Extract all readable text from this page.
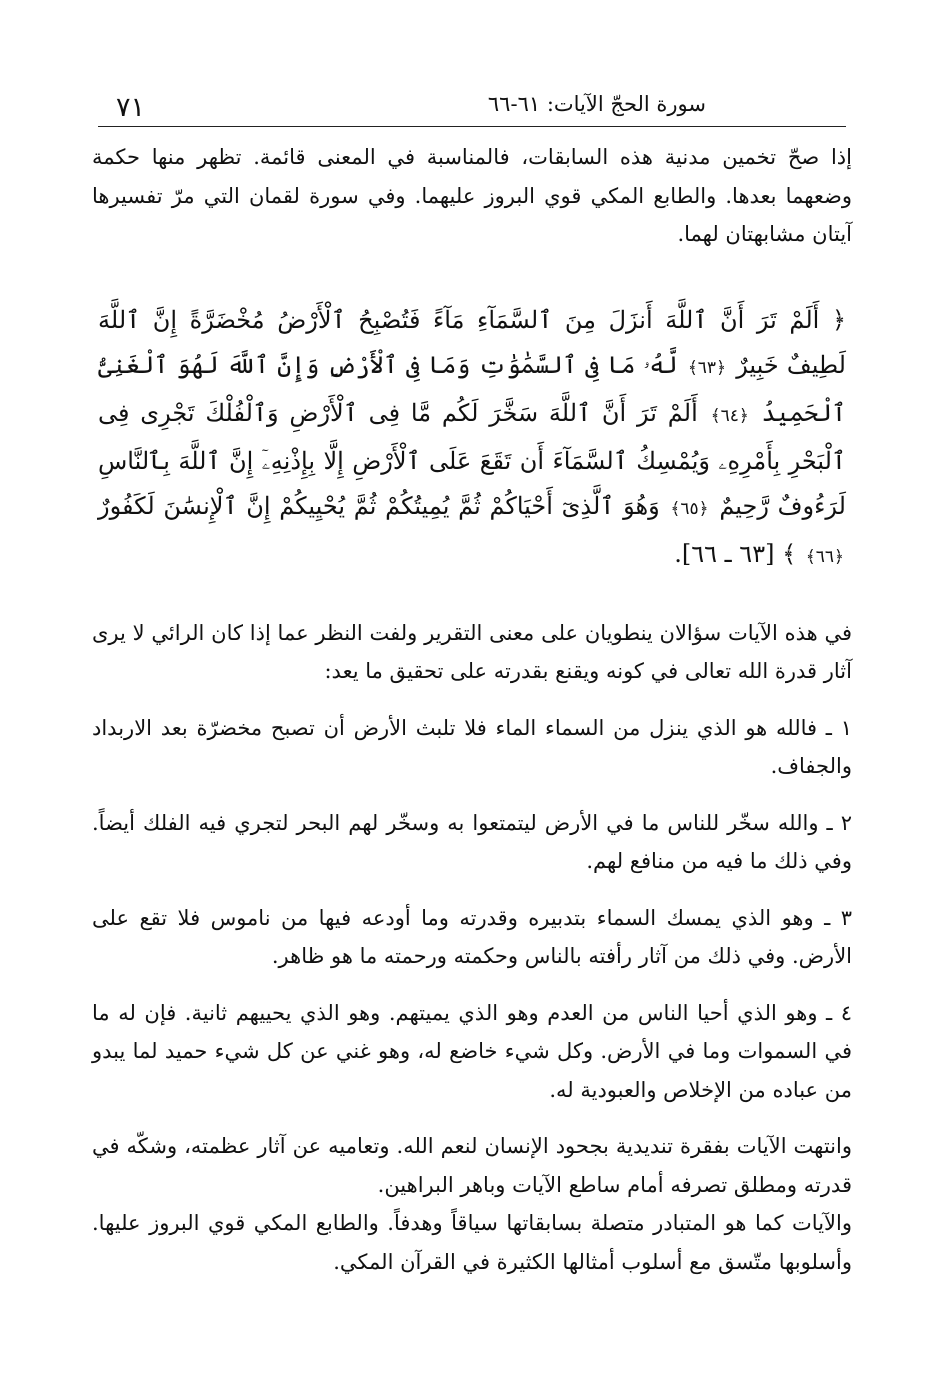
٧١	سورة الحجّ الآيات: ٦١-٦٦

إذا صحّ تخمين مدنية هذه السابقات، فالمناسبة في المعنى قائمة. تظهر منها حكمة وضعهما بعدها. والطابع المكي قوي البروز عليهما. وفي سورة لقمان التي مرّ تفسيرها آيتان مشابهتان لهما.

﴿ أَلَمْ تَرَ أَنَّ ٱللَّهَ أَنزَلَ مِنَ ٱلسَّمَآءِ مَآءً فَتُصْبِحُ ٱلْأَرْضُ مُخْضَرَّةً إِنَّ ٱللَّهَ لَطِيفٌ خَبِيرٌ ﴿٦٣﴾ لَّهُۥ مَا فِى ٱلسَّمَٰوَٰتِ وَمَا فِى ٱلْأَرْضِ وَإِنَّ ٱللَّهَ لَهُوَ ٱلْغَنِىُّ ٱلْحَمِيدُ ﴿٦٤﴾ أَلَمْ تَرَ أَنَّ ٱللَّهَ سَخَّرَ لَكُم مَّا فِى ٱلْأَرْضِ وَٱلْفُلْكَ تَجْرِى فِى ٱلْبَحْرِ بِأَمْرِهِۦ وَيُمْسِكُ ٱلسَّمَآءَ أَن تَقَعَ عَلَى ٱلْأَرْضِ إِلَّا بِإِذْنِهِۦٓ إِنَّ ٱللَّهَ بِٱلنَّاسِ لَرَءُوفٌ رَّحِيمٌ ﴿٦٥﴾ وَهُوَ ٱلَّذِىٓ أَحْيَاكُمْ ثُمَّ يُمِيتُكُمْ ثُمَّ يُحْيِيكُمْ إِنَّ ٱلْإِنسَٰنَ لَكَفُورٌ ﴿٦٦﴾ ﴾ [٦٣ ـ ٦٦].

في هذه الآيات سؤالان ينطويان على معنى التقرير ولفت النظر عما إذا كان الرائي لا يرى آثار قدرة الله تعالى في كونه ويقنع بقدرته على تحقيق ما يعد:

١ ـ فالله هو الذي ينزل من السماء الماء فلا تلبث الأرض أن تصبح مخضرّة بعد الاربداد والجفاف.

٢ ـ والله سخّر للناس ما في الأرض ليتمتعوا به وسخّر لهم البحر لتجري فيه الفلك أيضاً. وفي ذلك ما فيه من منافع لهم.

٣ ـ وهو الذي يمسك السماء بتدبيره وقدرته وما أودعه فيها من ناموس فلا تقع على الأرض. وفي ذلك من آثار رأفته بالناس وحكمته ورحمته ما هو ظاهر.

٤ ـ وهو الذي أحيا الناس من العدم وهو الذي يميتهم. وهو الذي يحييهم ثانية. فإن له ما في السموات وما في الأرض. وكل شيء خاضع له، وهو غني عن كل شيء حميد لما يبدو من عباده من الإخلاص والعبودية له.

وانتهت الآيات بفقرة تنديدية بجحود الإنسان لنعم الله. وتعاميه عن آثار عظمته، وشكّه في قدرته ومطلق تصرفه أمام ساطع الآيات وباهر البراهين.

والآيات كما هو المتبادر متصلة بسابقاتها سياقاً وهدفاً. والطابع المكي قوي البروز عليها. وأسلوبها متّسق مع أسلوب أمثالها الكثيرة في القرآن المكي.
